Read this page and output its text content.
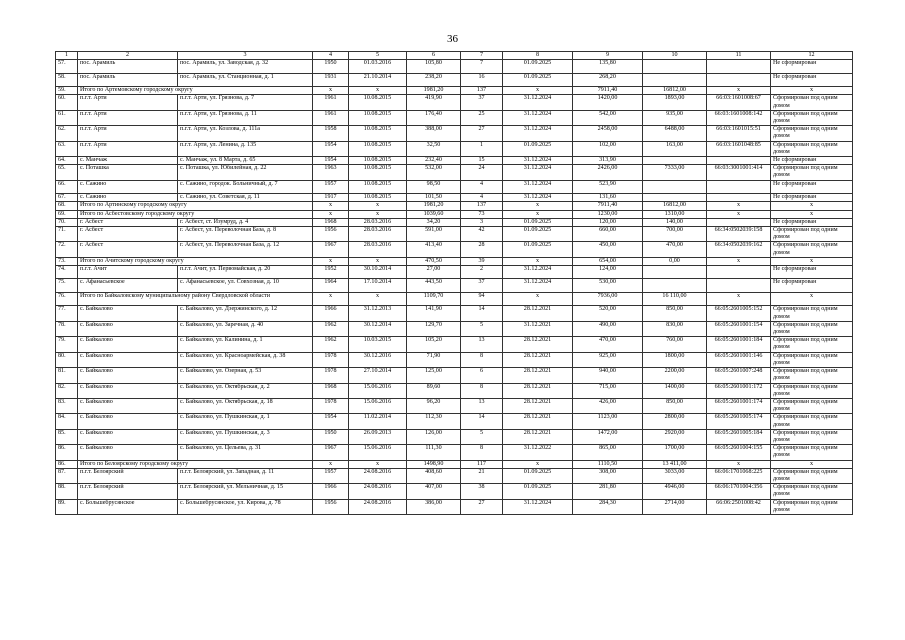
36
1	2	3	4	5	6	7	8	9	10	11	12
57.	пос. Арамиль	пос. Арамиль, ул. Заводская, д. 32	1950	01.03.2016	105,80	7	01.09.2025	135,80			Не сформирован
58.	пос. Арамиль	пос. Арамиль, ул. Станционная, д. 1	1931	21.10.2014	238,20	16	01.09.2025	268,20			Не сформирован
59.	Итого по Артемовскому городскому округу		x	x	1981,20	137	x	7911,40	16812,00	x	x
60.	п.г.т. Арти	п.г.т. Арти, ул. Грязнова, д. 7	1961	10.08.2015	419,90	37	31.12.2024	1420,00	1893,00	66:03:1601008:67	Сформирован под одним домом
61.	п.г.т. Арти	п.г.т. Арти, ул. Грязнова, д. 11	1961	10.08.2015	176,40	25	31.12.2024	542,00	935,00	66:03:1601008:142	Сформирован под одним домом
62.	п.г.т. Арти	п.г.т. Арти, ул. Козлова, д. 111а	1958	10.08.2015	388,00	27	31.12.2024	2458,00	6488,00	66:03:1601015:51	Сформирован под одним домом
63.	п.г.т. Арти	п.г.т. Арти, ул. Ленина, д. 135	1954	10.08.2015	32,50	1	01.09.2025	102,00	163,00	66:03:1601048:85	Сформирован под одним домом
64.	с. Манчаж	с. Манчаж, ул. 8 Марта, д. 65	1954	10.08.2015	232,40	15	31.12.2024	313,90			Не сформирован
65.	с. Поташка	с. Поташка, ул. Юбилейная, д. 22	1963	10.08.2015	532,00	24	31.12.2024	2426,00	7333,00	66:03:3001001:414	Сформирован под одним домом
66.	с. Сажино	с. Сажино, городок. Больничный, д. 7	1957	10.08.2015	98,50	4	31.12.2024	523,90			Не сформирован
67.	с. Сажино	с. Сажино, ул. Советская, д. 11	1917	10.08.2015	101,50	4	31.12.2024	131,60			Не сформирован
68.	Итого по Артинскому городскому округу		x	x	1981,20	137	x	7911,40	16812,00	x	x
69.	Итого по Асбестовскому городскому округу		x	x	1039,60	73	x	1230,00	1310,00	x	x
70.	г. Асбест	г. Асбест, ст. Изумруд, д. 4	1968	28.03.2016	34,20	3	01.09.2025	120,00	140,00		Не сформирован
71.	г. Асбест	г. Асбест, ул. Переволочная База, д. 8	1956	28.03.2016	591,00	42	01.09.2025	660,00	700,00	66:34:0502039:158	Сформирован под одним домом
72.	г. Асбест	г. Асбест, ул. Переволочная База, д. 12	1967	28.03.2016	413,40	28	01.09.2025	450,00	470,00	66:34:0502039:162	Сформирован под одним домом
73.	Итого по Ачитскому городскому округу		x	x	470,50	39	x	654,00	0,00	x	x
74.	п.г.т. Ачит	п.г.т. Ачит, ул. Первомайская, д. 20	1952	30.10.2014	27,00	2	31.12.2024	124,00			Не сформирован
75.	с. Афанасьевское	с. Афанасьевское, ул. Совхозная, д. 10	1964	17.10.2014	443,50	37	31.12.2024	530,00			Не сформирован
76.	Итого по Байкаловскому муниципальному району Свердловской области		x	x	1109,70	94	x	7936,00	16 110,00	x	x
77.	с. Байкалово	с. Байкалово, ул. Дзержинского, д. 12	1966	31.12.2013	141,90	14	28.12.2021	520,00	850,00	66:05:2601005:152	Сформирован под одним домом
78.	с. Байкалово	с. Байкалово, ул. Заречная, д. 40	1962	30.12.2014	129,70	5	31.12.2021	490,00	830,00	66:05:2601001:154	Сформирован под одним домом
79.	с. Байкалово	с. Байкалово, ул. Калинина, д. 1	1962	10.03.2015	105,20	13	28.12.2021	470,00	760,00	66:05:2601001:184	Сформирован под одним домом
80.	с. Байкалово	с. Байкалово, ул. Красноармейская, д. 38	1978	30.12.2016	71,90	8	28.12.2021	925,00	1800,00	66:05:2601001:146	Сформирован под одним домом
81.	с. Байкалово	с. Байкалово, ул. Озерная, д. 53	1978	27.10.2014	125,00	6	28.12.2021	940,00	2200,00	66:05:2601007:248	Сформирован под одним домом
82.	с. Байкалово	с. Байкалово, ул. Октябрьская, д. 2	1968	15.06.2016	89,60	8	28.12.2021	715,00	1400,00	66:05:2601001:172	Сформирован под одним домом
83.	с. Байкалово	с. Байкалово, ул. Октябрьская, д. 18	1978	15.06.2016	96,20	13	28.12.2021	426,00	850,00	66:05:2601001:174	Сформирован под одним домом
84.	с. Байкалово	с. Байкалово, ул. Пушкинская, д. 1	1954	11.02.2014	112,30	14	28.12.2021	1123,00	2800,00	66:05:2601005:174	Сформирован под одним домом
85.	с. Байкалово	с. Байкалово, ул. Пушкинская, д. 3	1950	26.09.2013	126,00	5	28.12.2021	1472,00	2920,00	66:05:2601005:184	Сформирован под одним домом
86.	с. Байкалово	с. Байкалово, ул. Цельева, д. 31	1967	15.06.2016	111,30	8	31.12.2022	865,00	1700,00	66:05:2601004:155	Сформирован под одним домом
86.	Итого по Белоярскому городскому округу		x	x	1498,90	117	x	1110,50	13 411,00	x	x
87.	п.г.т. Белоярский	п.г.т. Белоярский, ул. Западная, д. 11	1957	24.08.2016	408,60	21	01.09.2025	308,00	3033,00	66:06:1701068:225	Сформирован под одним домом
88.	п.г.т. Белоярский	п.г.т. Белоярский, ул. Мельничная, д. 15	1966	24.08.2016	407,00	38	01.09.2025	281,80	4946,00	66:06:1701004:356	Сформирован под одним домом
89.	с. Большебрусянское	с. Большебрусянское, ул. Кирова, д. 78	1956	24.08.2016	386,00	27	31.12.2024	284,30	2714,00	66:06:2501008:42	Сформирован под одним домом
